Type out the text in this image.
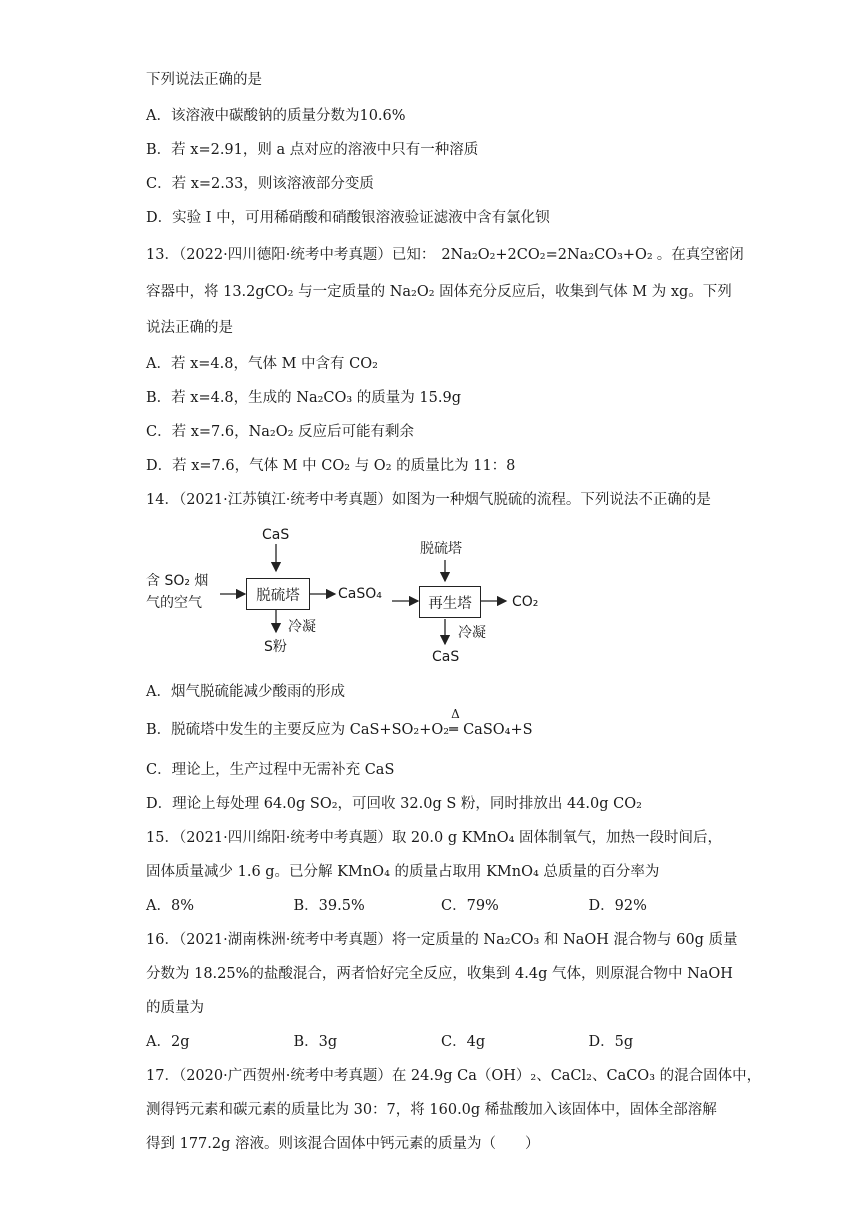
下列说法正确的是
A．该溶液中碳酸钠的质量分数为10.6%
B．若 x=2.91，则 a 点对应的溶液中只有一种溶质
C．若 x=2.33，则该溶液部分变质
D．实验 I 中，可用稀硝酸和硝酸银溶液验证滤液中含有氯化钡
13．（2022·四川德阳·统考中考真题）已知： 2Na₂O₂+2CO₂=2Na₂CO₃+O₂ 。在真空密闭
容器中，将 13.2gCO₂ 与一定质量的 Na₂O₂ 固体充分反应后，收集到气体 M 为 xg。下列
说法正确的是
A．若 x=4.8，气体 M 中含有 CO₂
B．若 x=4.8，生成的 Na₂CO₃ 的质量为 15.9g
C．若 x=7.6，Na₂O₂ 反应后可能有剩余
D．若 x=7.6，气体 M 中 CO₂ 与 O₂ 的质量比为 11：8
14．（2021·江苏镇江·统考中考真题）如图为一种烟气脱硫的流程。下列说法不正确的是
含 SO₂ 烟
气的空气
CaS
脱硫塔
冷凝
S粉
CaSO₄
脱硫塔
再生塔	CO₂
冷凝
CaS
A．烟气脱硫能减少酸雨的形成
B．脱硫塔中发生的主要反应为 CaS+SO₂+O₂
Δ
═ CaSO₄+S
C．理论上，生产过程中无需补充 CaS
D．理论上每处理 64.0g SO₂，可回收 32.0g S 粉，同时排放出 44.0g CO₂
15．（2021·四川绵阳·统考中考真题）取 20.0 g KMnO₄ 固体制氧气，加热一段时间后，
固体质量减少 1.6 g。已分解 KMnO₄ 的质量占取用 KMnO₄ 总质量的百分率为
A．8%	B．39.5%	C．79%	D．92%
16．（2021·湖南株洲·统考中考真题）将一定质量的 Na₂CO₃ 和 NaOH 混合物与 60g 质量
分数为 18.25%的盐酸混合，两者恰好完全反应，收集到 4.4g 气体，则原混合物中 NaOH
的质量为
A．2g	B．3g	C．4g	D．5g
17．（2020·广西贺州·统考中考真题）在 24.9g Ca（OH）₂、CaCl₂、CaCO₃ 的混合固体中，
测得钙元素和碳元素的质量比为 30：7，将 160.0g 稀盐酸加入该固体中，固体全部溶解
得到 177.2g 溶液。则该混合固体中钙元素的质量为（　　）
